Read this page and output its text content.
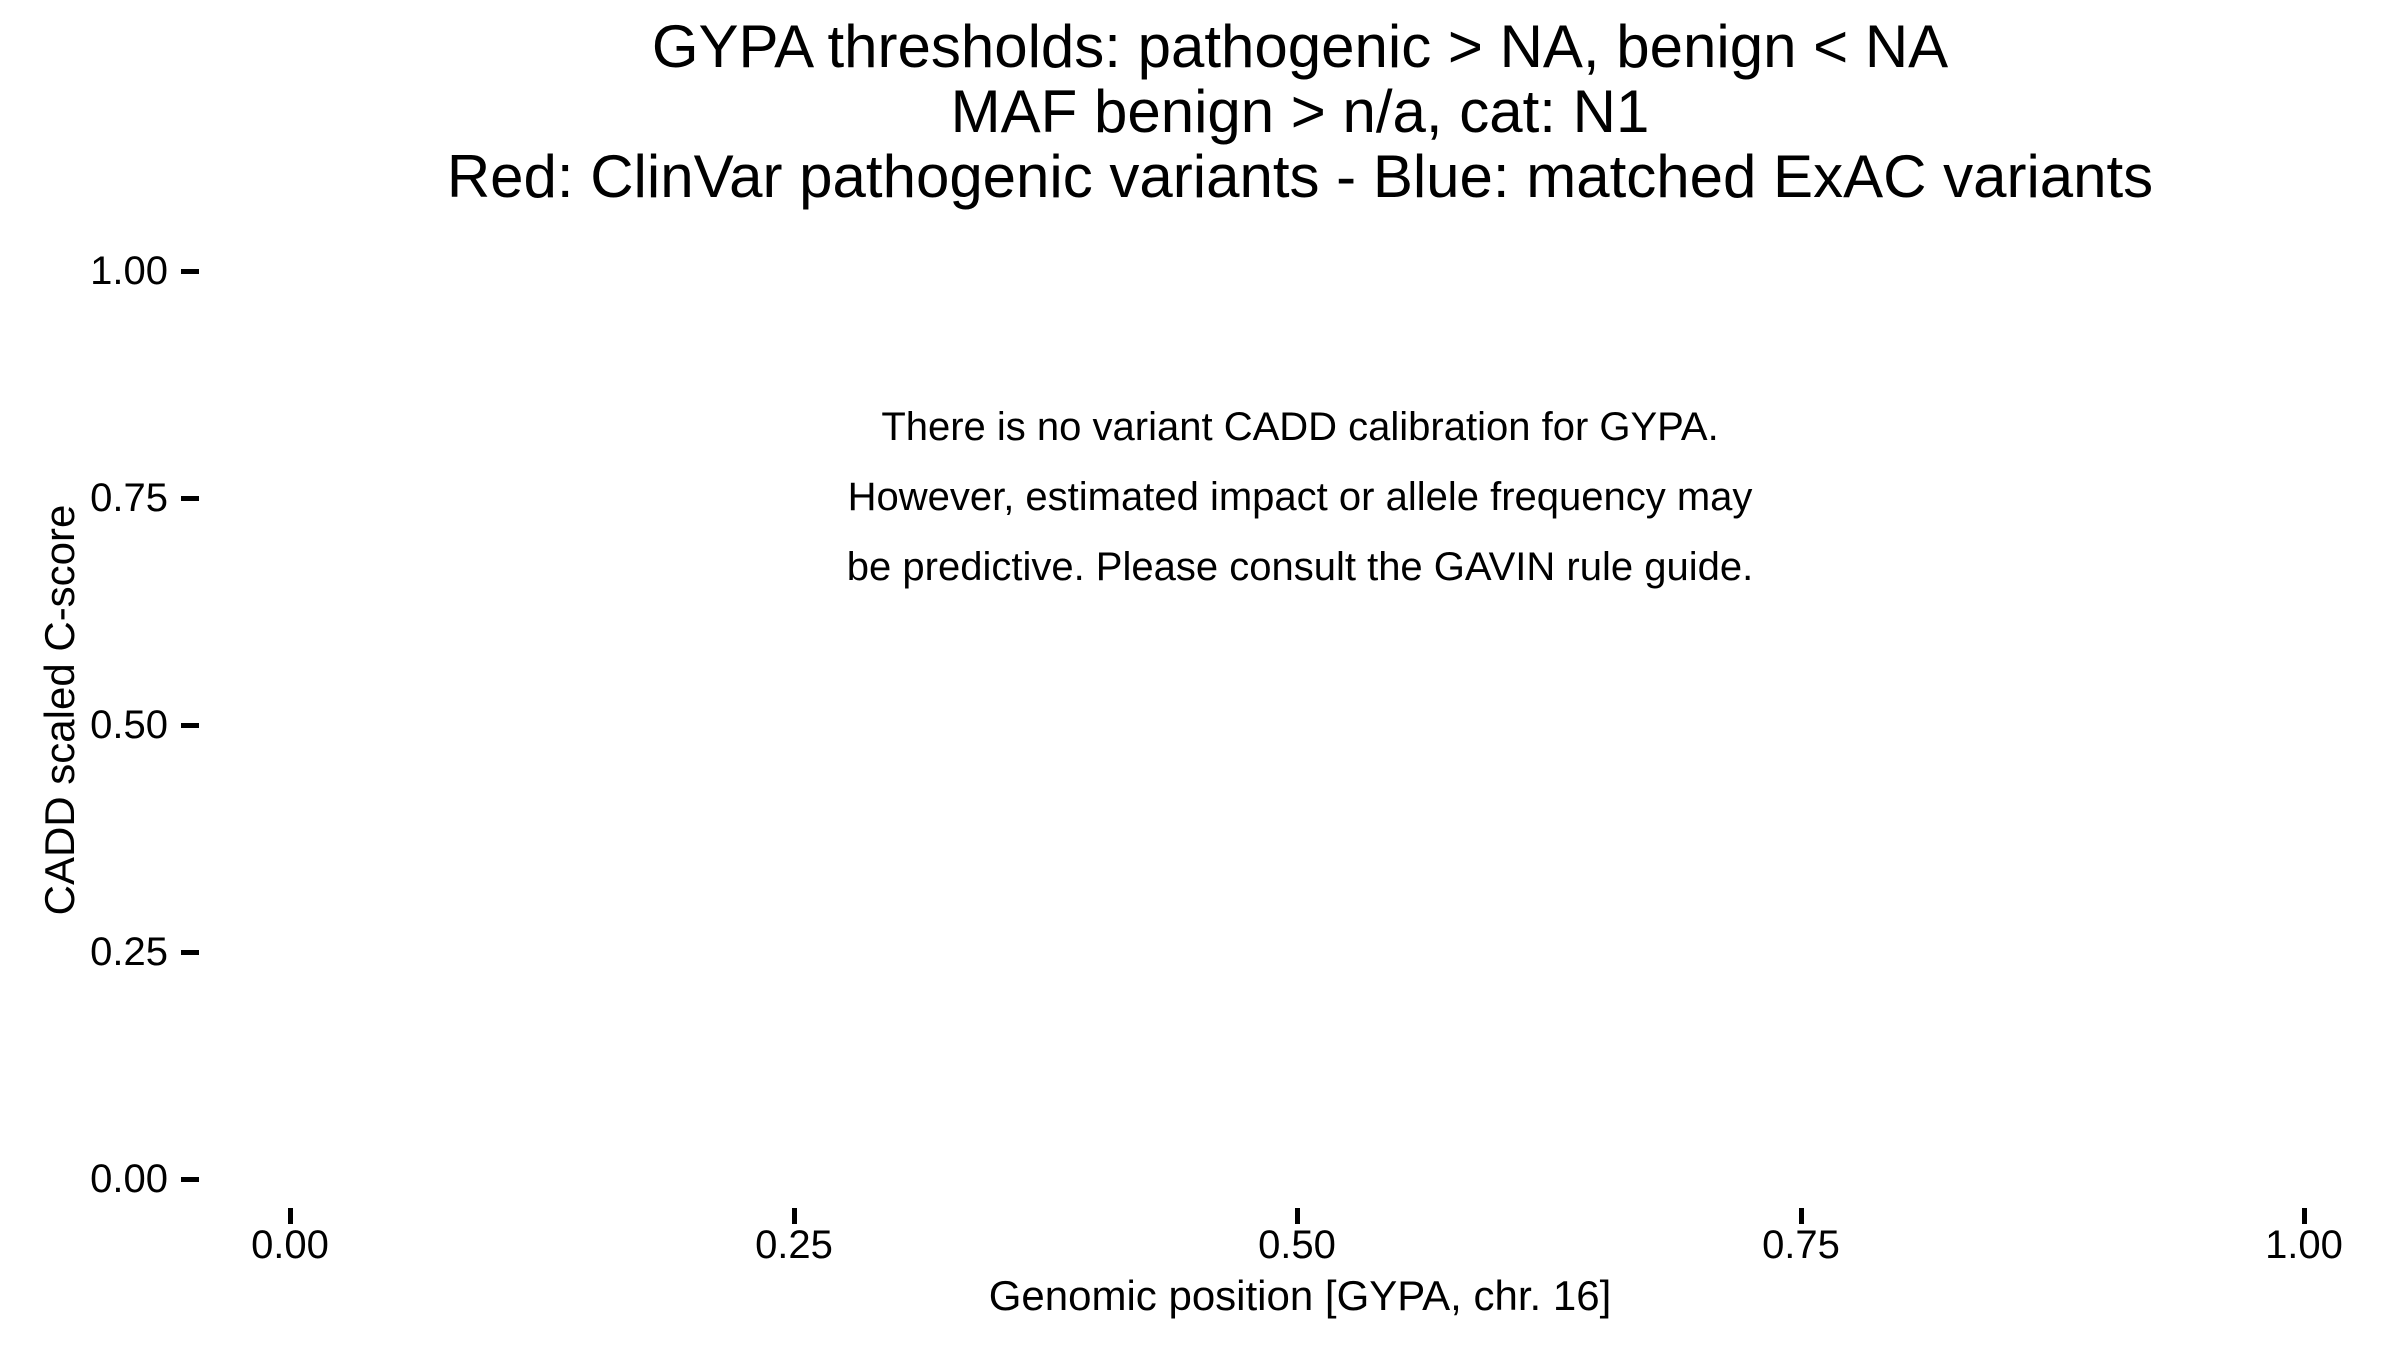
GYPA thresholds: pathogenic > NA, benign < NA
MAF benign > n/a, cat: N1
Red: ClinVar pathogenic variants - Blue: matched ExAC variants
There is no variant CADD calibration for GYPA.
However, estimated impact or allele frequency may
be predictive. Please consult the GAVIN rule guide.
CADD scaled C-score
1.00
0.75
0.50
0.25
0.00
0.00	0.25	0.50	0.75	1.00
Genomic position [GYPA, chr. 16]
